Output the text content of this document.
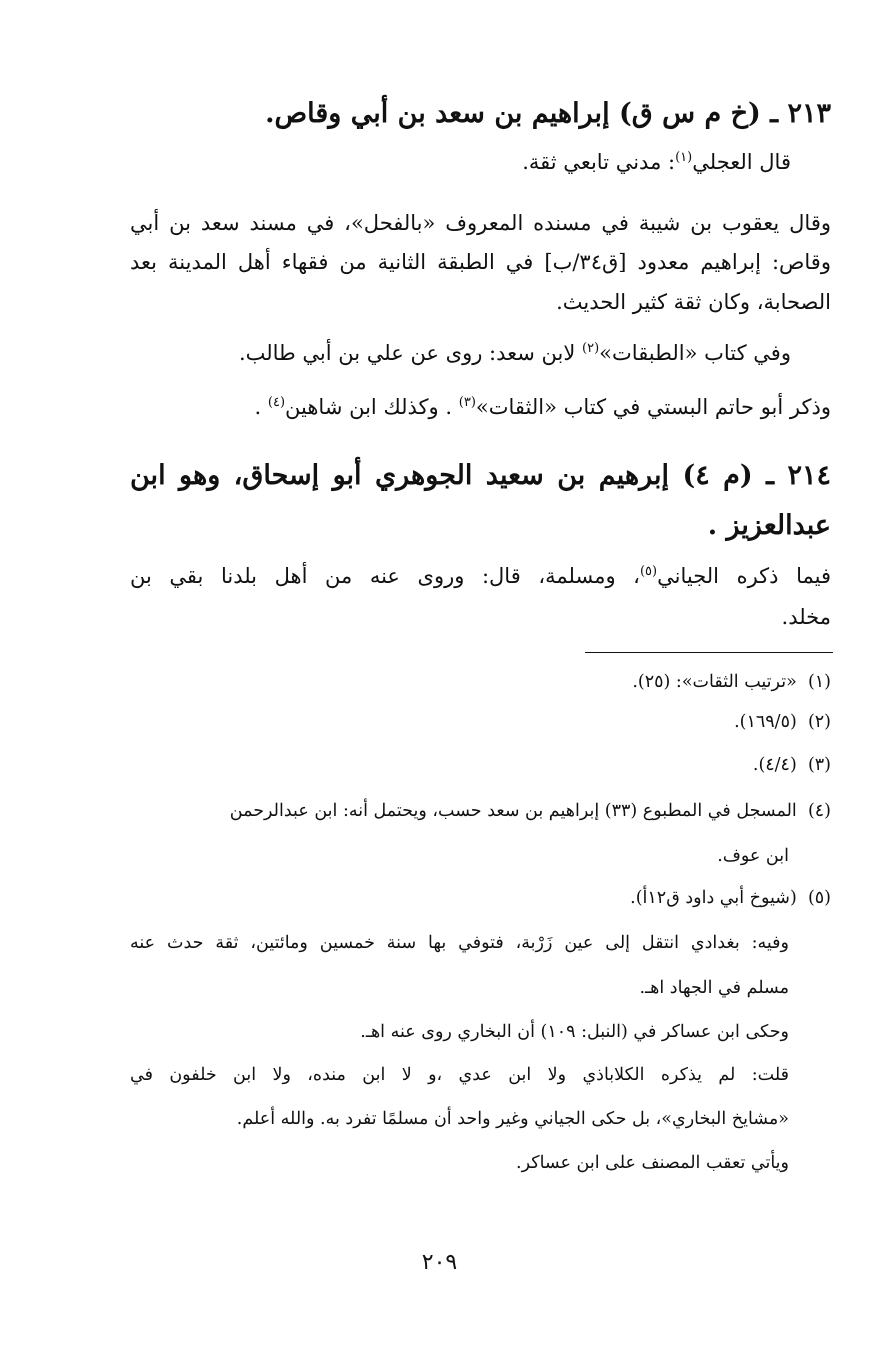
٢١٣ ـ (خ م س ق) إبراهيم بن سعد بن أبي وقاص.
قال العجلي$^{(١)}$: مدني تابعي ثقة.
وقال يعقوب بن شيبة في مسنده المعروف «بالفحل»، في مسند سعد بن أبي
وقاص: إبراهيم معدود [ق٣٤/ب] في الطبقة الثانية من فقهاء أهل المدينة بعد
الصحابة، وكان ثقة كثير الحديث.
وفي كتاب «الطبقات»$^{(٢)}$ لابن سعد: روى عن علي بن أبي طالب.
وذكر أبو حاتم البستي في كتاب «الثقات»$^{(٣)}$ . وكذلك ابن شاهين$^{(٤)}$ .
٢١٤ ـ (م ٤) إبرهيم بن سعيد الجوهري أبو إسحاق، وهو ابن
عبدالعزيز .
فيما ذكره الجياني$^{(٥)}$، ومسلمة، قال: وروى عنه من أهل بلدنا بقي بن
مخلد.
(١)  «ترتيب الثقات»: (٢٥).
(٢)  (١٦٩/٥).
(٣)  (٤/٤).
(٤)  المسجل في المطبوع (٣٣) إبراهيم بن سعد حسب، ويحتمل أنه: ابن عبدالرحمن
ابن عوف.
(٥)  (شيوخ أبي داود ق١٢أ).
وفيه: بغدادي انتقل إلى عين زَرْبة، فتوفي بها سنة خمسين ومائتين، ثقة حدث عنه
مسلم في الجهاد اهـ.
وحكى ابن عساكر في (النبل: ١٠٩) أن البخاري روى عنه اهـ.
قلت: لم يذكره الكلاباذي ولا ابن عدي ،و لا ابن منده، ولا ابن خلفون في
«مشايخ البخاري»، بل حكى الجياني وغير واحد أن مسلمًا تفرد به. والله أعلم.
ويأتي تعقب المصنف على ابن عساكر.
٢٠٩
